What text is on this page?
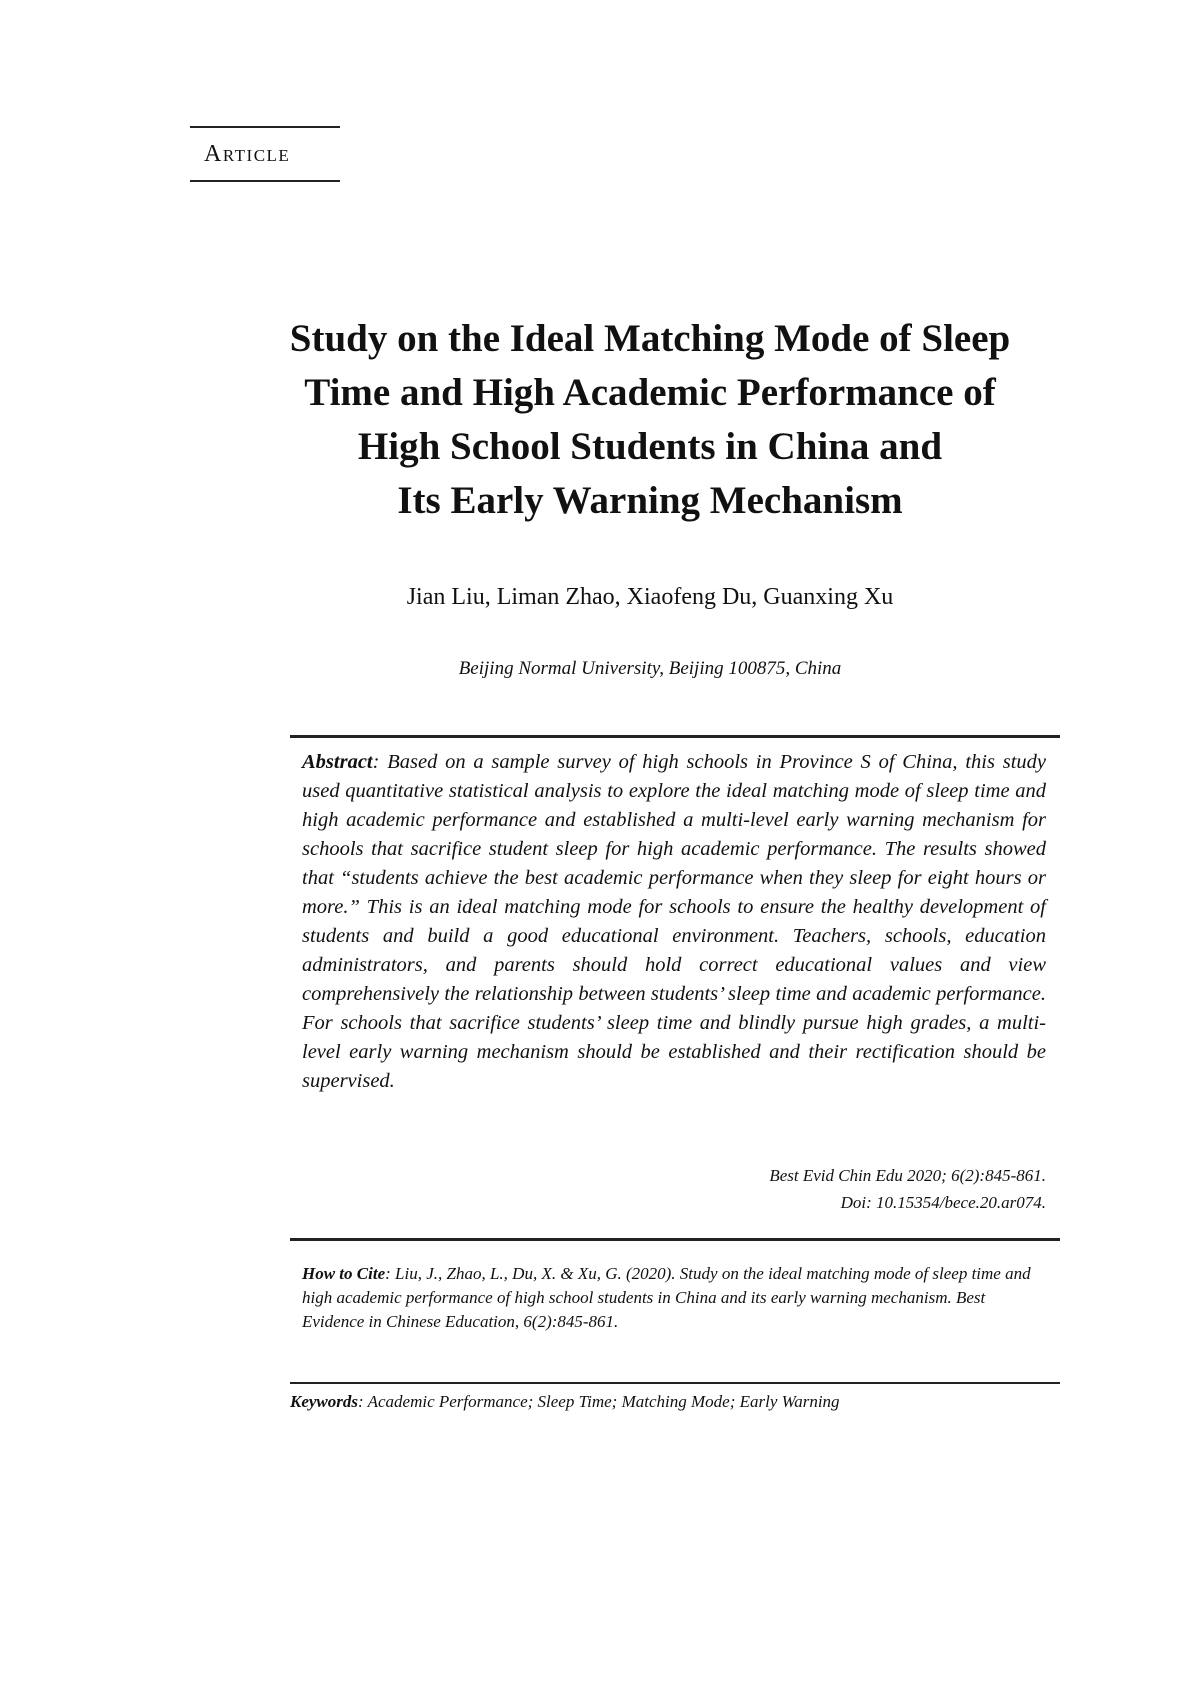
Article
Study on the Ideal Matching Mode of Sleep
Time and High Academic Performance of
High School Students in China and
Its Early Warning Mechanism
Jian Liu, Liman Zhao, Xiaofeng Du, Guanxing Xu
Beijing Normal University, Beijing 100875, China

Abstract: Based on a sample survey of high schools in Province S of China, this study used quantitative statistical analysis to explore the ideal matching mode of sleep time and high academic performance and established a multi-level early warning mechanism for schools that sacrifice student sleep for high academic performance. The results showed that “students achieve the best academic performance when they sleep for eight hours or more.” This is an ideal matching mode for schools to ensure the healthy development of students and build a good educational environment. Teachers, schools, education administrators, and parents should hold correct educational values and view comprehensively the relationship between students’ sleep time and academic performance. For schools that sacrifice students’ sleep time and blindly pursue high grades, a multi-level early warning mechanism should be established and their rectification should be supervised.

Best Evid Chin Edu 2020; 6(2):845-861.
Doi: 10.15354/bece.20.ar074.

How to Cite: Liu, J., Zhao, L., Du, X. & Xu, G. (2020). Study on the ideal matching mode of sleep time and high academic performance of high school students in China and its early warning mechanism. Best Evidence in Chinese Education, 6(2):845-861.

Keywords: Academic Performance; Sleep Time; Matching Mode; Early Warning
